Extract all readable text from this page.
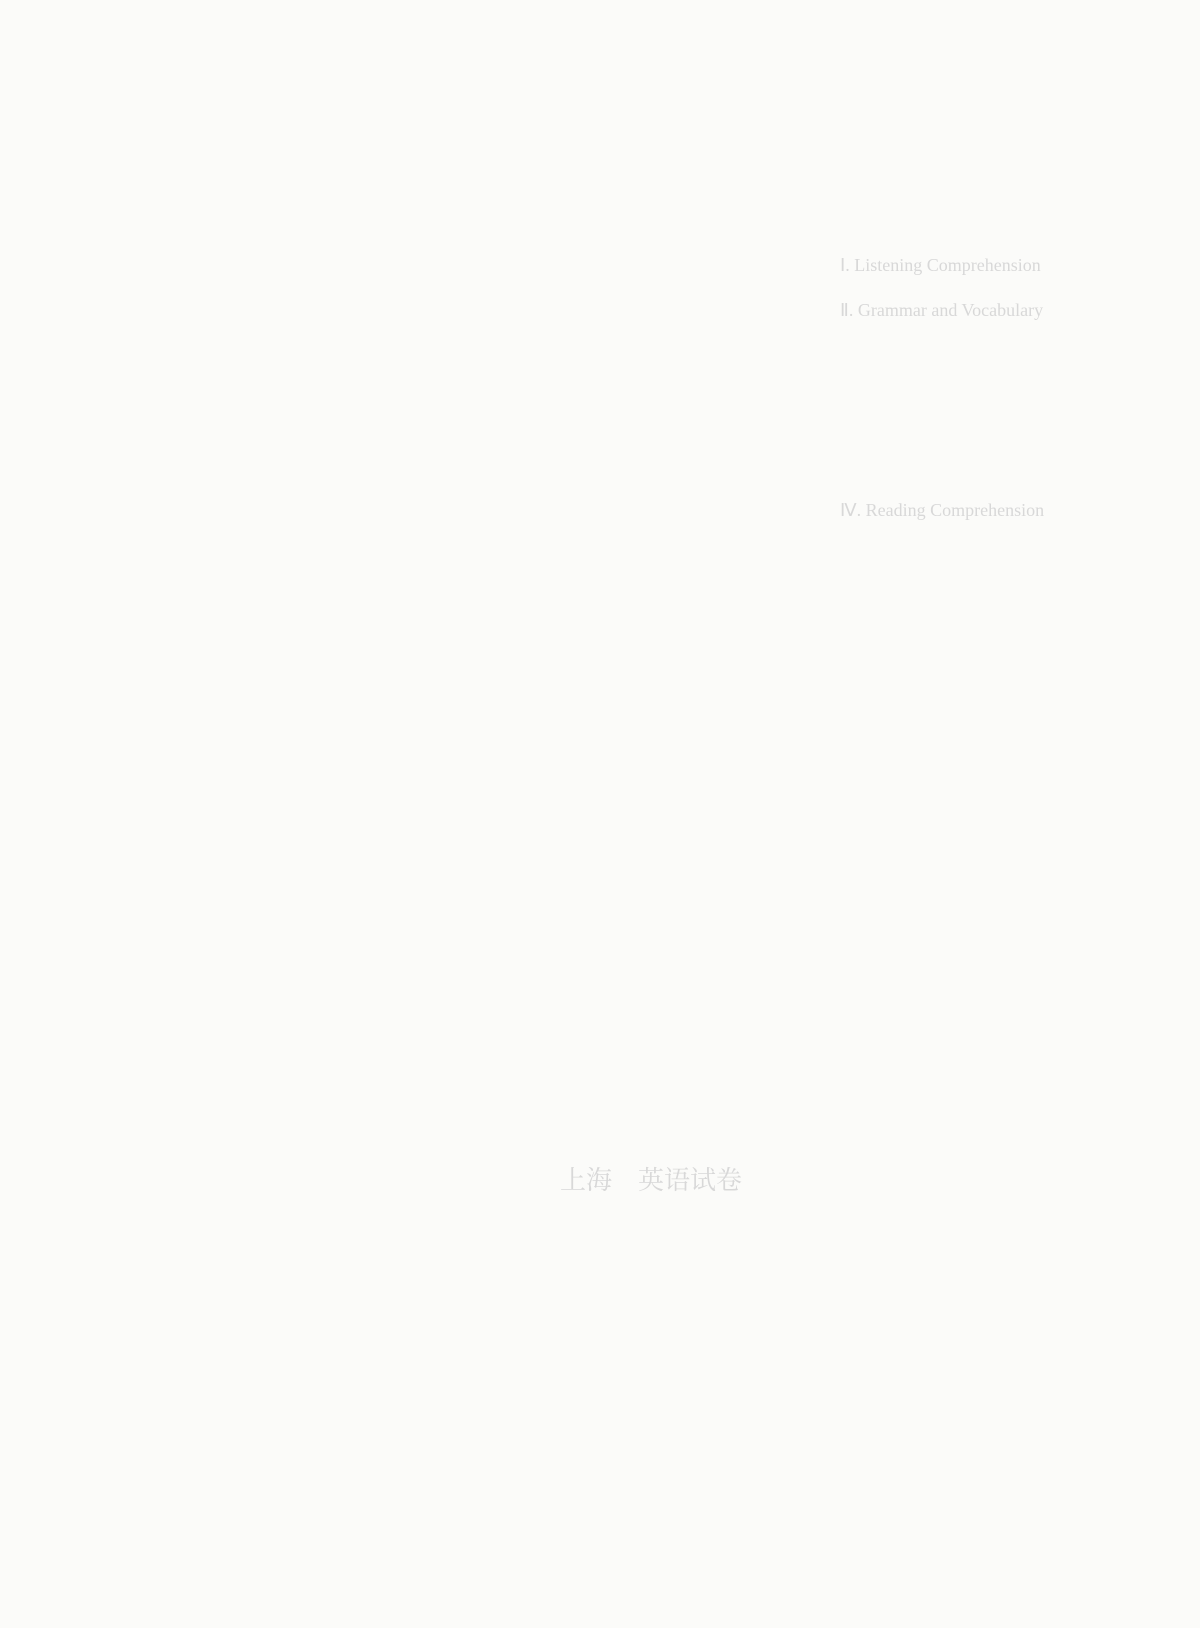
Ⅰ. Listening Comprehension
Ⅱ. Grammar and Vocabulary
Ⅳ. Reading Comprehension
上海　英语试卷
